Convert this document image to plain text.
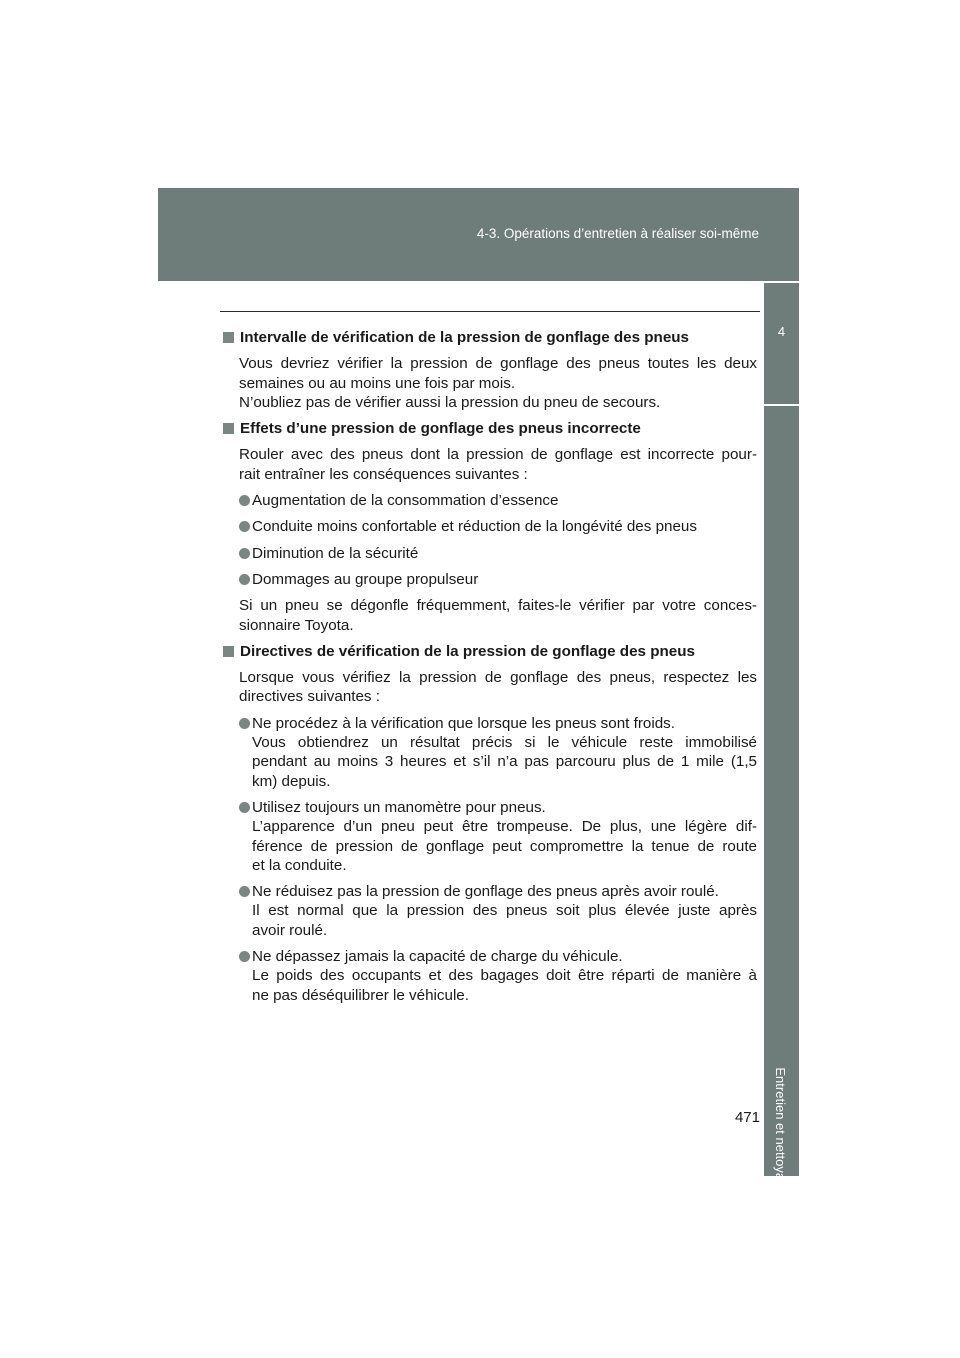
4-3. Opérations d’entretien à réaliser soi-même
4
Entretien et nettoyage
Intervalle de vérification de la pression de gonflage des pneus
Vous devriez vérifier la pression de gonflage des pneus toutes les deux
semaines ou au moins une fois par mois.
N’oubliez pas de vérifier aussi la pression du pneu de secours.
Effets d’une pression de gonflage des pneus incorrecte
Rouler avec des pneus dont la pression de gonflage est incorrecte pour-
rait entraîner les conséquences suivantes :
Augmentation de la consommation d’essence
Conduite moins confortable et réduction de la longévité des pneus
Diminution de la sécurité
Dommages au groupe propulseur
Si un pneu se dégonfle fréquemment, faites-le vérifier par votre conces-
sionnaire Toyota.
Directives de vérification de la pression de gonflage des pneus
Lorsque vous vérifiez la pression de gonflage des pneus, respectez les
directives suivantes :
Ne procédez à la vérification que lorsque les pneus sont froids.
Vous obtiendrez un résultat précis si le véhicule reste immobilisé
pendant au moins 3 heures et s’il n’a pas parcouru plus de 1 mile (1,5
km) depuis.
Utilisez toujours un manomètre pour pneus.
L’apparence d’un pneu peut être trompeuse. De plus, une légère dif-
férence de pression de gonflage peut compromettre la tenue de route
et la conduite.
Ne réduisez pas la pression de gonflage des pneus après avoir roulé.
Il est normal que la pression des pneus soit plus élevée juste après
avoir roulé.
Ne dépassez jamais la capacité de charge du véhicule.
Le poids des occupants et des bagages doit être réparti de manière à
ne pas déséquilibrer le véhicule.
471
